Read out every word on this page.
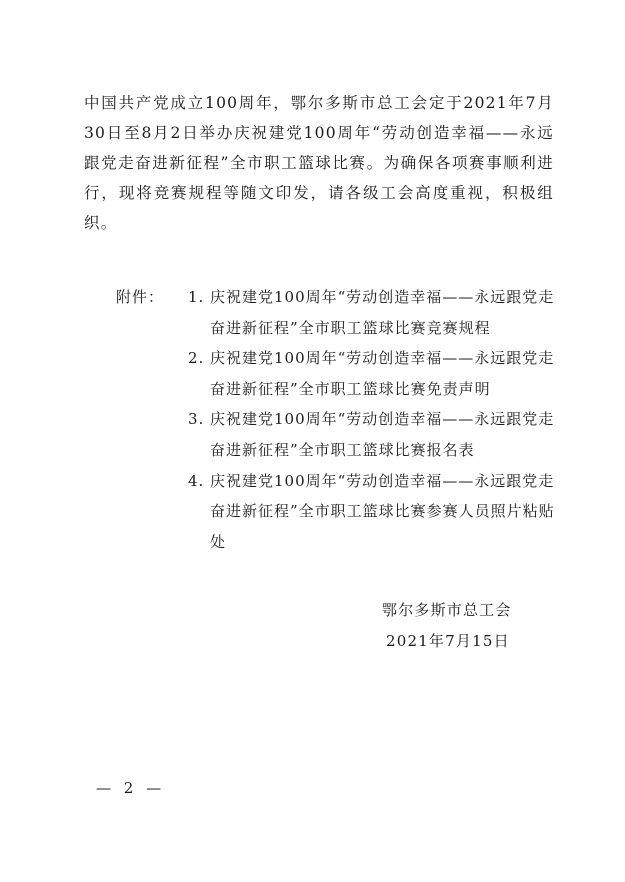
中国共产党成立100周年，鄂尔多斯市总工会定于2021年7月30日至8月2日举办庆祝建党100周年“劳动创造幸福——永远跟党走奋进新征程”全市职工篮球比赛。为确保各项赛事顺利进行，现将竞赛规程等随文印发，请各级工会高度重视，积极组织。

附件：	1. 庆祝建党100周年“劳动创造幸福——永远跟党走奋进新征程”全市职工篮球比赛竞赛规程
2. 庆祝建党100周年“劳动创造幸福——永远跟党走奋进新征程”全市职工篮球比赛免责声明
3. 庆祝建党100周年“劳动创造幸福——永远跟党走奋进新征程”全市职工篮球比赛报名表
4. 庆祝建党100周年“劳动创造幸福——永远跟党走奋进新征程”全市职工篮球比赛参赛人员照片粘贴处
鄂尔多斯市总工会
2021年7月15日
— 2 —
